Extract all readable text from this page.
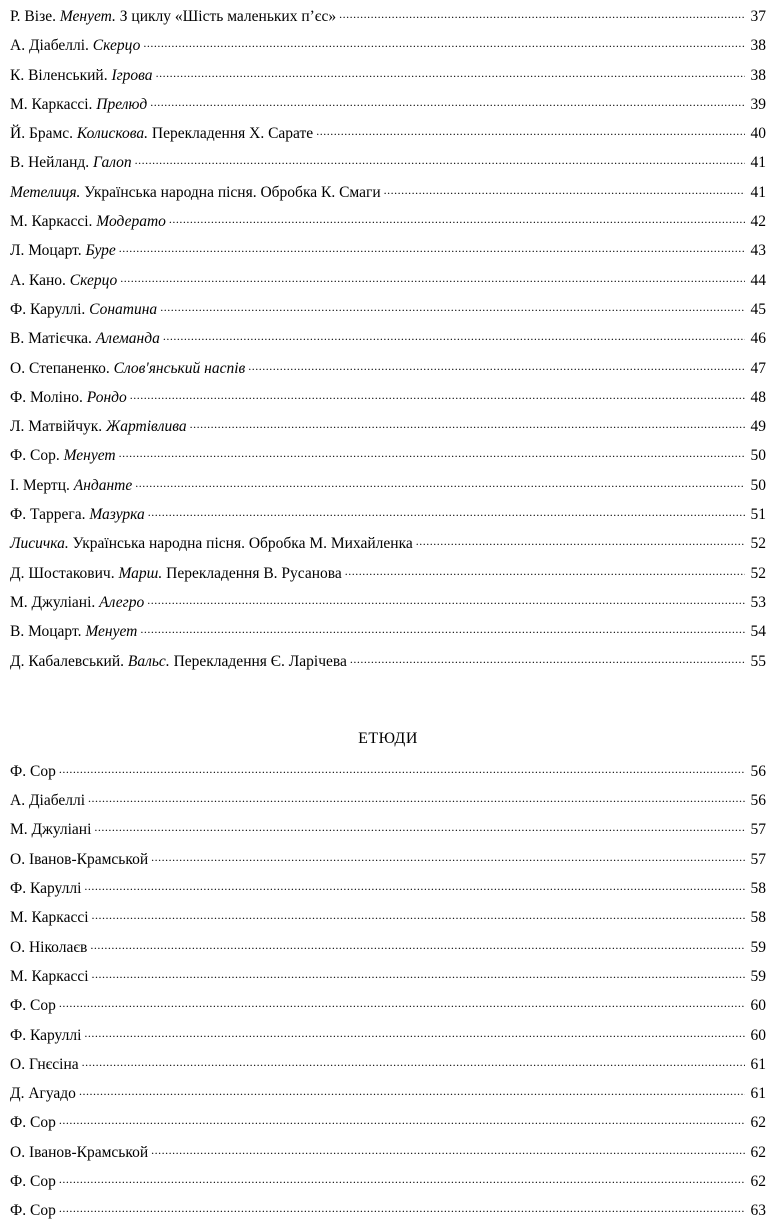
Р. Візе. Менует. З циклу «Шість маленьких п’єс» .....	37
А. Діабеллі. Скерцо .....	38
К. Віленський. Ігрова .....	38
М. Каркассі. Прелюд .....	39
Й. Брамс. Колискова. Перекладення Х. Сарате .....	40
В. Нейланд. Галоп .....	41
Метелиця. Українська народна пісня. Обробка К. Смаги .....	41
М. Каркассі. Модерато .....	42
Л. Моцарт. Буре .....	43
А. Кано. Скерцо .....	44
Ф. Каруллі. Сонатина .....	45
В. Матієчка. Алеманда .....	46
О. Степаненко. Слов'янський наспів .....	47
Ф. Моліно. Рондо .....	48
Л. Матвійчук. Жартівлива .....	49
Ф. Сор. Менует .....	50
І. Мертц. Анданте .....	50
Ф. Таррега. Мазурка .....	51
Лисичка. Українська народна пісня. Обробка М. Михайленка .....	52
Д. Шостакович. Марш. Перекладення В. Русанова .....	52
М. Джуліані. Алегро .....	53
В. Моцарт. Менует .....	54
Д. Кабалевський. Вальс. Перекладення Є. Ларічева .....	55
ЕТЮДИ
Ф. Сор .....	56
А. Діабеллі .....	56
М. Джуліані .....	57
О. Іванов-Крамськой .....	57
Ф. Каруллі .....	58
М. Каркассі .....	58
О. Ніколаєв .....	59
М. Каркассі .....	59
Ф. Сор .....	60
Ф. Каруллі .....	60
О. Гнєсіна .....	61
Д. Агуадо .....	61
Ф. Сор .....	62
О. Іванов-Крамськой .....	62
Ф. Сор .....	62
Ф. Сор .....	63
